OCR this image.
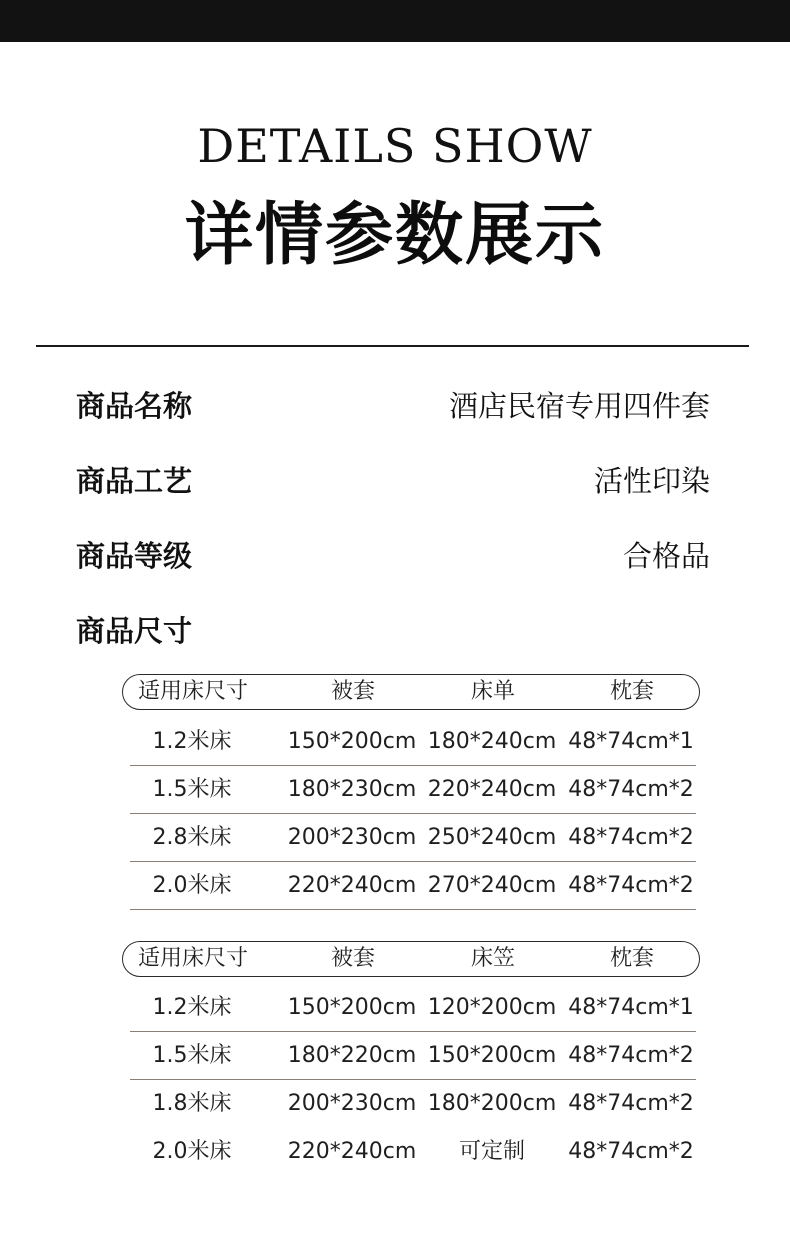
DETAILS SHOW
详情参数展示
商品名称	酒店民宿专用四件套
商品工艺	活性印染
商品等级	合格品
商品尺寸
适用床尺寸	被套	床单	枕套
1.2米床	150*200cm 180*240cm 48*74cm*1
1.5米床	180*230cm 220*240cm 48*74cm*2
2.8米床	200*230cm 250*240cm 48*74cm*2
2.0米床	220*240cm 270*240cm 48*74cm*2
适用床尺寸	被套	床笠	枕套
1.2米床	150*200cm 120*200cm 48*74cm*1
1.5米床	180*220cm 150*200cm 48*74cm*2
1.8米床	200*230cm 180*200cm 48*74cm*2
2.0米床	220*240cm	可定制	48*74cm*2
